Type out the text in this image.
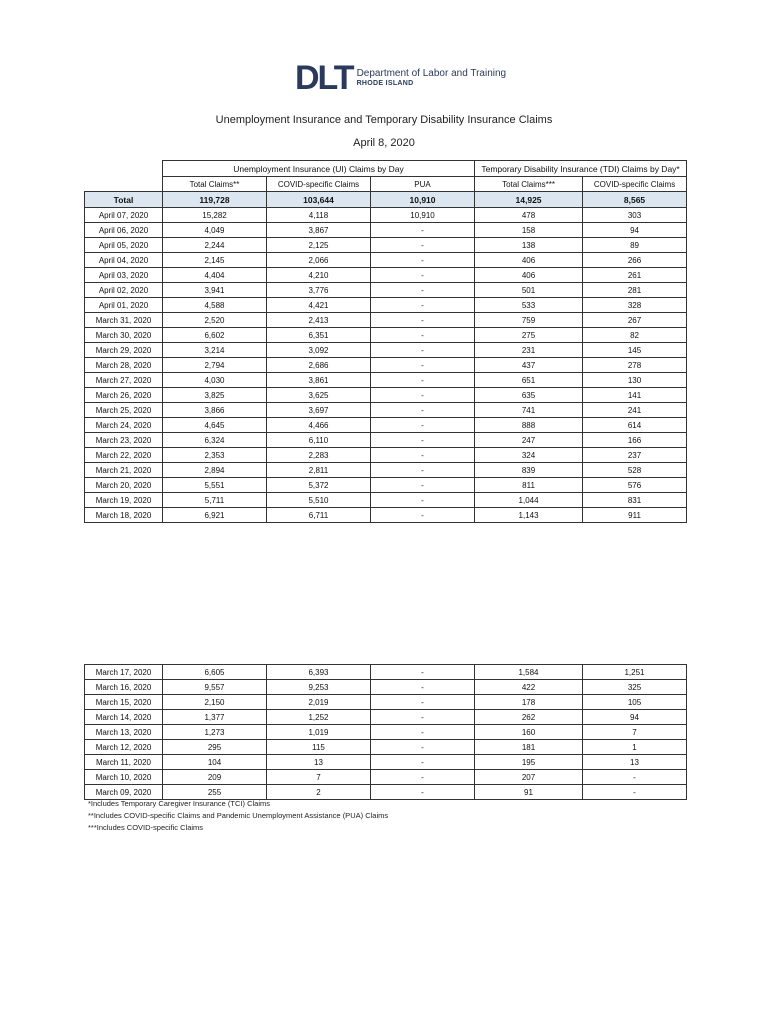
DLT Department of Labor and Training
RHODE ISLAND
Unemployment Insurance and Temporary Disability Insurance Claims
April 8, 2020
	Unemployment Insurance (UI) Claims by Day			Temporary Disability Insurance (TDI) Claims by Day*	
	Total Claims**	COVID-specific Claims	PUA	Total Claims***	COVID-specific Claims
Total	119,728	103,644	10,910	14,925	8,565
April 07, 2020	15,282	4,118	10,910	478	303
April 06, 2020	4,049	3,867	-	158	94
April 05, 2020	2,244	2,125	-	138	89
April 04, 2020	2,145	2,066	-	406	266
April 03, 2020	4,404	4,210	-	406	261
April 02, 2020	3,941	3,776	-	501	281
April 01, 2020	4,588	4,421	-	533	328
March 31, 2020	2,520	2,413	-	759	267
March 30, 2020	6,602	6,351	-	275	82
March 29, 2020	3,214	3,092	-	231	145
March 28, 2020	2,794	2,686	-	437	278
March 27, 2020	4,030	3,861	-	651	130
March 26, 2020	3,825	3,625	-	635	141
March 25, 2020	3,866	3,697	-	741	241
March 24, 2020	4,645	4,466	-	888	614
March 23, 2020	6,324	6,110	-	247	166
March 22, 2020	2,353	2,283	-	324	237
March 21, 2020	2,894	2,811	-	839	528
March 20, 2020	5,551	5,372	-	811	576
March 19, 2020	5,711	5,510	-	1,044	831
March 18, 2020	6,921	6,711	-	1,143	911
March 17, 2020	6,605	6,393	-	1,584	1,251
March 16, 2020	9,557	9,253	-	422	325
March 15, 2020	2,150	2,019	-	178	105
March 14, 2020	1,377	1,252	-	262	94
March 13, 2020	1,273	1,019	-	160	7
March 12, 2020	295	115	-	181	1
March 11, 2020	104	13	-	195	13
March 10, 2020	209	7	-	207	-
March 09, 2020	255	2	-	91	-
*Includes Temporary Caregiver Insurance (TCI) Claims
**Includes COVID-specific Claims and Pandemic Unemployment Assistance (PUA) Claims
***Includes COVID-specific Claims
